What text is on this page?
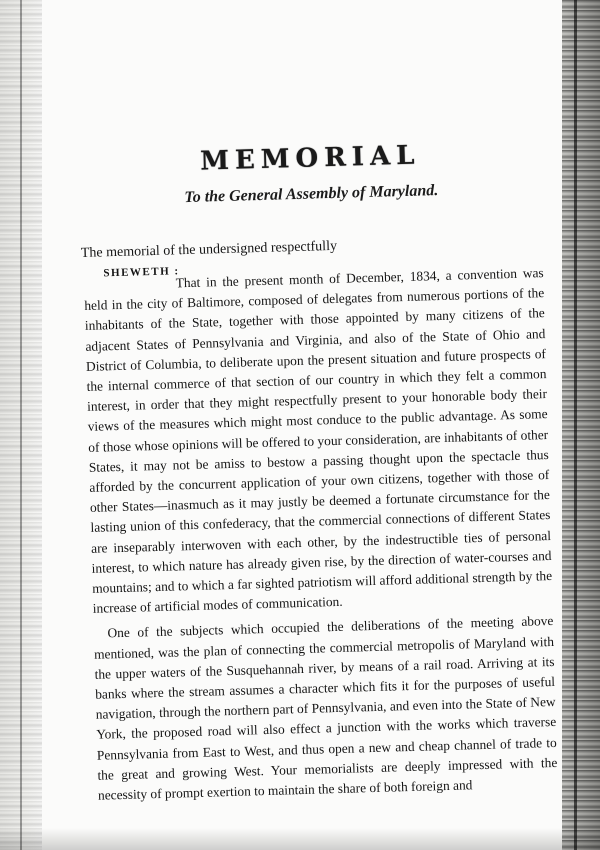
MEMORIAL

To the General Assembly of Maryland.

The memorial of the undersigned respectfully

SHEWETH :

That in the present month of December, 1834, a convention was held in the city of Baltimore, composed of delegates from numerous portions of the inhabitants of the State, together with those appointed by many citizens of the adjacent States of Pennsylvania and Virginia, and also of the State of Ohio and District of Columbia, to deliberate upon the present situation and future prospects of the internal commerce of that section of our country in which they felt a common interest, in order that they might respectfully present to your honorable body their views of the measures which might most conduce to the public advantage. As some of those whose opinions will be offered to your consideration, are inhabitants of other States, it may not be amiss to bestow a passing thought upon the spectacle thus afforded by the concurrent application of your own citizens, together with those of other States—inasmuch as it may justly be deemed a fortunate circumstance for the lasting union of this confederacy, that the commercial connections of different States are inseparably interwoven with each other, by the indestructible ties of personal interest, to which nature has already given rise, by the direction of water-courses and mountains; and to which a far sighted patriotism will afford additional strength by the increase of artificial modes of communication.

One of the subjects which occupied the deliberations of the meeting above mentioned, was the plan of connecting the commercial metropolis of Maryland with the upper waters of the Susquehannah river, by means of a rail road. Arriving at its banks where the stream assumes a character which fits it for the purposes of useful navigation, through the northern part of Pennsylvania, and even into the State of New York, the proposed road will also effect a junction with the works which traverse Pennsylvania from East to West, and thus open a new and cheap channel of trade to the great and growing West. Your memorialists are deeply impressed with the necessity of prompt exertion to maintain the share of both foreign and
